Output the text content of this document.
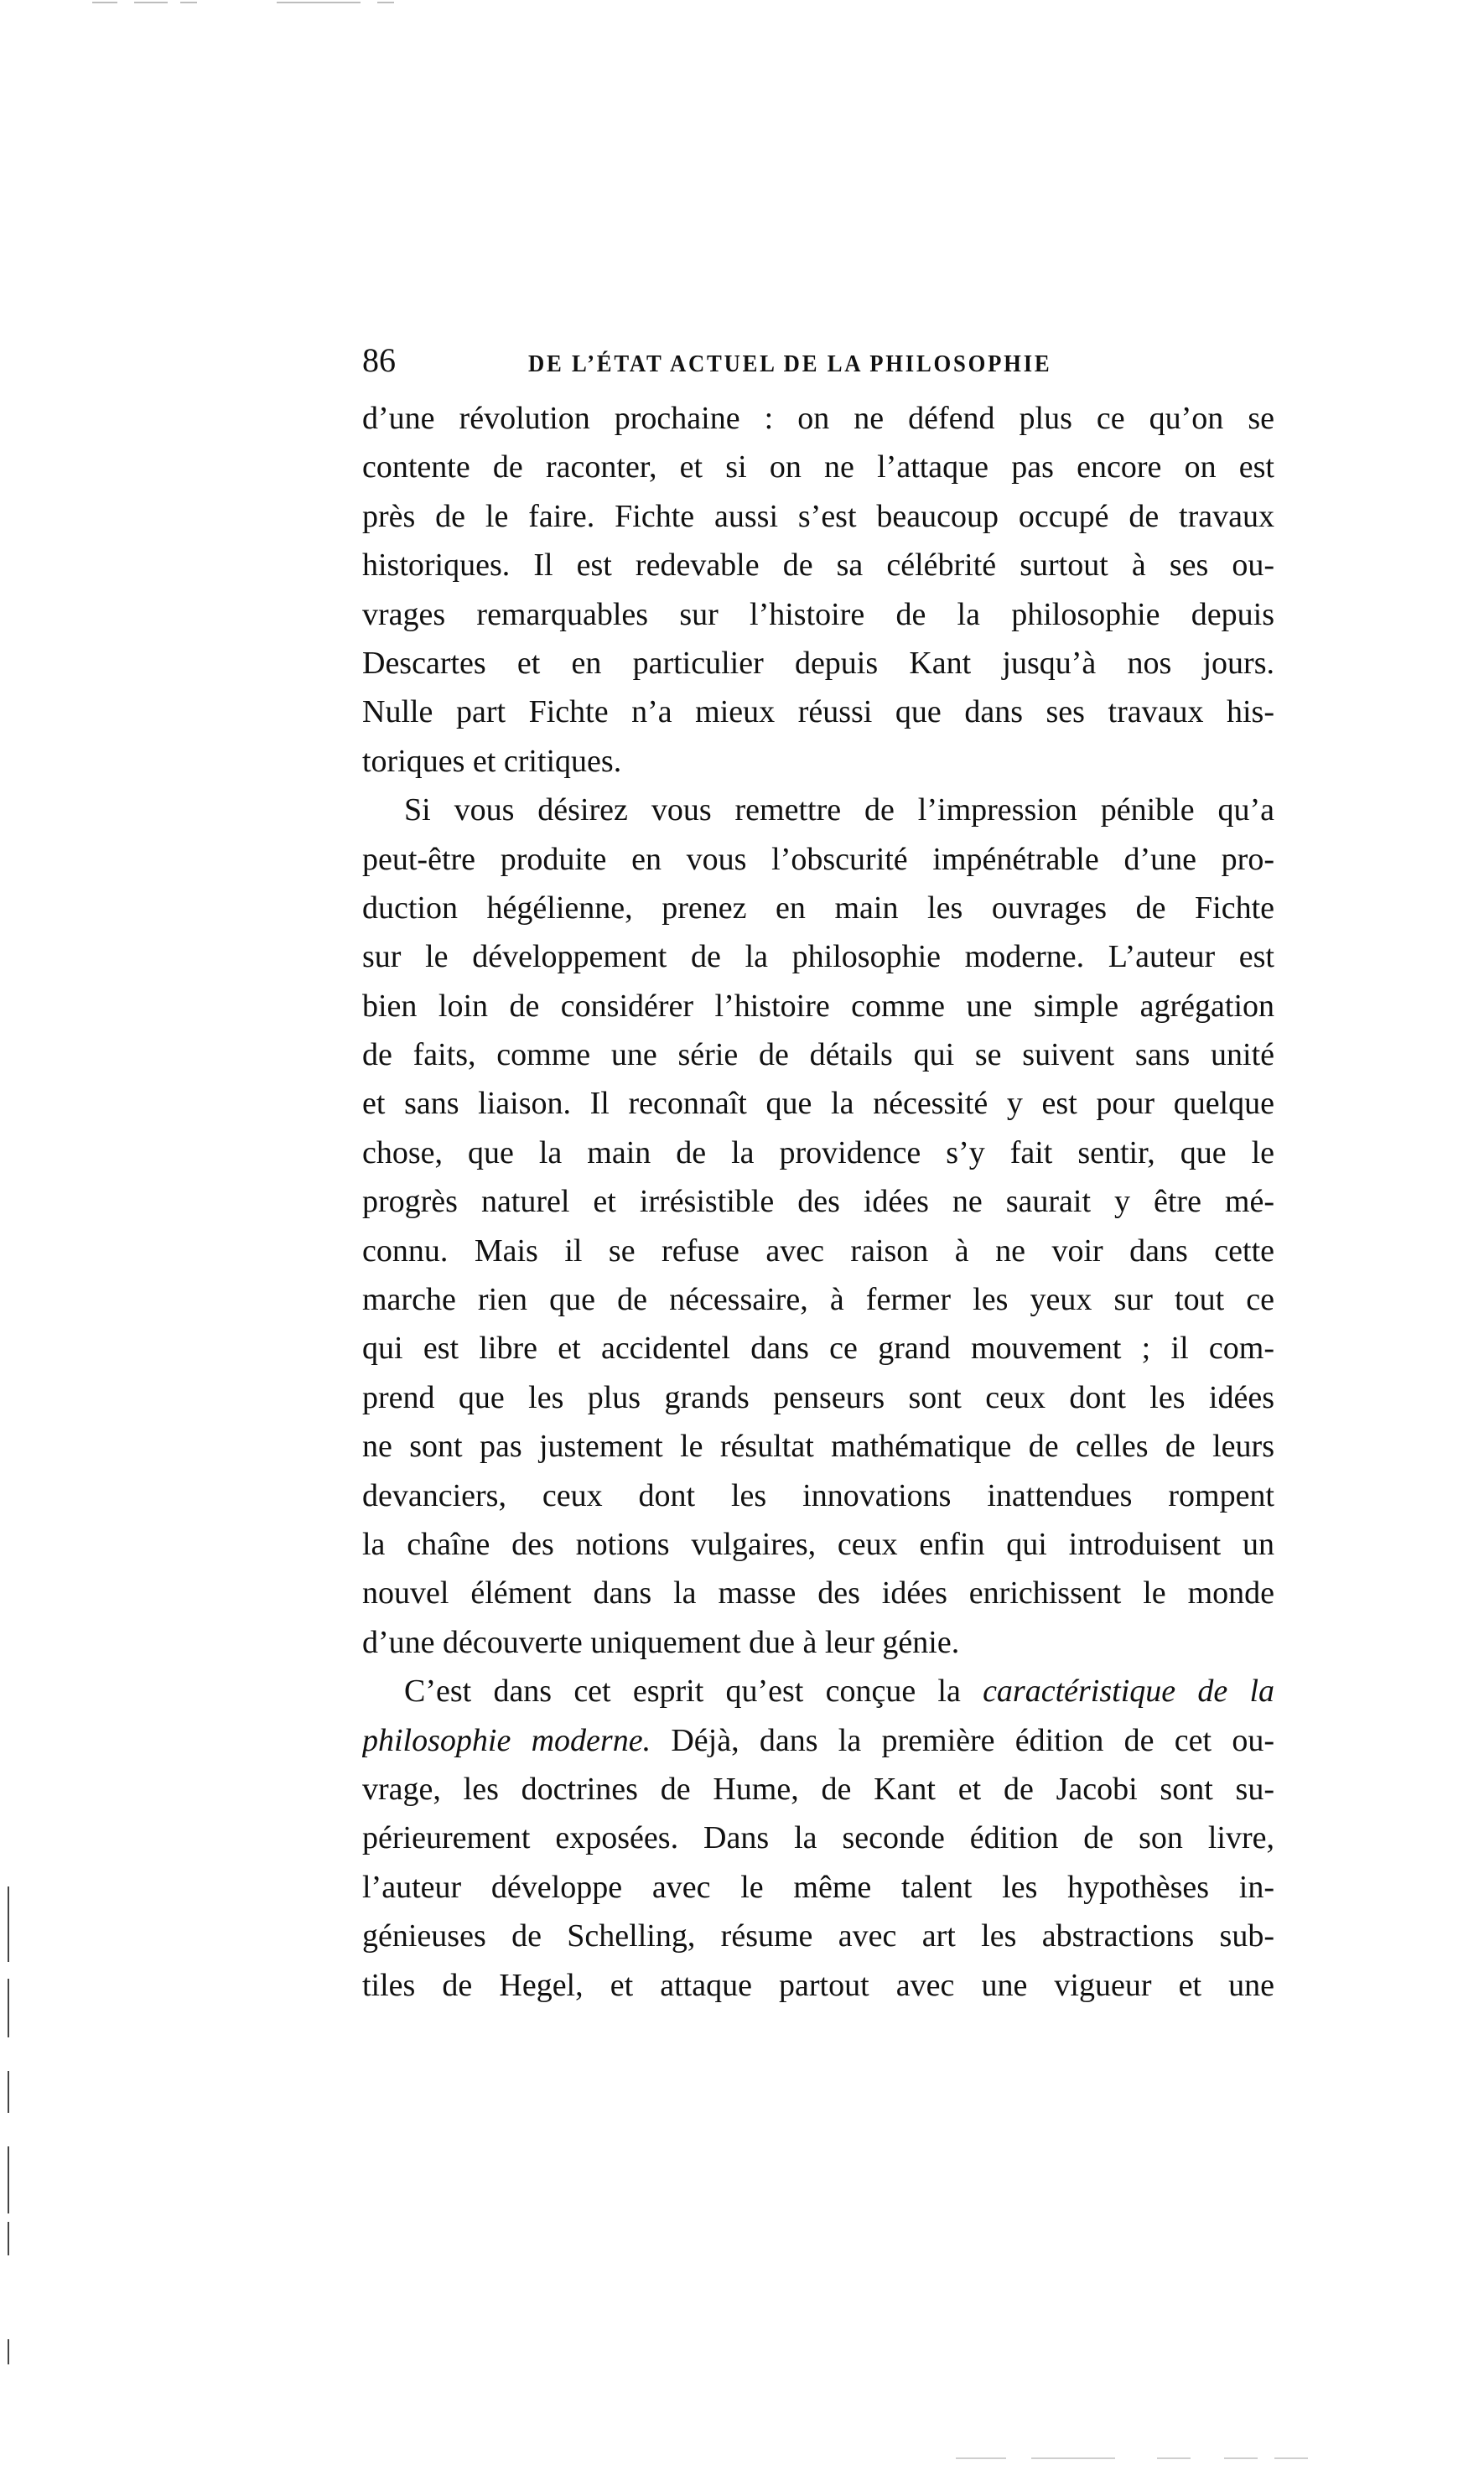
86	DE L’ÉTAT ACTUEL DE LA PHILOSOPHIE
d’une révolution prochaine : on ne défend plus ce qu’on se
contente de raconter, et si on ne l’attaque pas encore on est
près de le faire. Fichte aussi s’est beaucoup occupé de travaux
historiques. Il est redevable de sa célébrité surtout à ses ou-
vrages remarquables sur l’histoire de la philosophie depuis
Descartes et en particulier depuis Kant jusqu’à nos jours.
Nulle part Fichte n’a mieux réussi que dans ses travaux his-
toriques et critiques.
Si vous désirez vous remettre de l’impression pénible qu’a
peut-être produite en vous l’obscurité impénétrable d’une pro-
duction hégélienne, prenez en main les ouvrages de Fichte
sur le développement de la philosophie moderne. L’auteur est
bien loin de considérer l’histoire comme une simple agrégation
de faits, comme une série de détails qui se suivent sans unité
et sans liaison. Il reconnaît que la nécessité y est pour quelque
chose, que la main de la providence s’y fait sentir, que le
progrès naturel et irrésistible des idées ne saurait y être mé-
connu. Mais il se refuse avec raison à ne voir dans cette
marche rien que de nécessaire, à fermer les yeux sur tout ce
qui est libre et accidentel dans ce grand mouvement ; il com-
prend que les plus grands penseurs sont ceux dont les idées
ne sont pas justement le résultat mathématique de celles de leurs
devanciers, ceux dont les innovations inattendues rompent
la chaîne des notions vulgaires, ceux enfin qui introduisent un
nouvel élément dans la masse des idées enrichissent le monde
d’une découverte uniquement due à leur génie.
C’est dans cet esprit qu’est conçue la caractéristique de la
philosophie moderne. Déjà, dans la première édition de cet ou-
vrage, les doctrines de Hume, de Kant et de Jacobi sont su-
périeurement exposées. Dans la seconde édition de son livre,
l’auteur développe avec le même talent les hypothèses in-
génieuses de Schelling, résume avec art les abstractions sub-
tiles de Hegel, et attaque partout avec une vigueur et une
